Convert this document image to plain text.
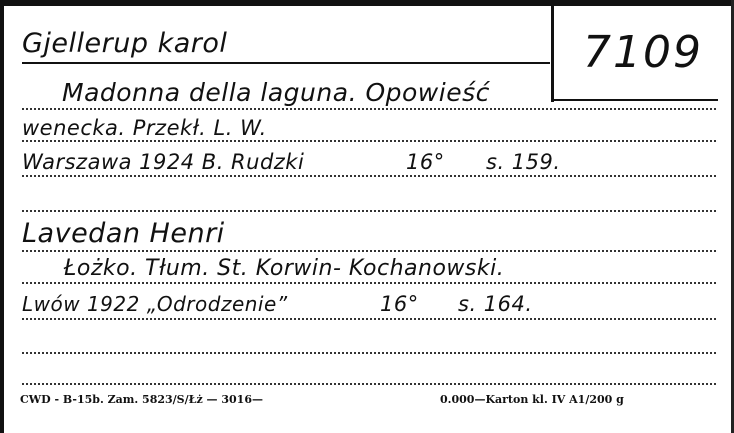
7109
Gjellerup karol
Madonna della laguna. Opowieść
wenecka. Przekł. L. W.
Warszawa 1924 B. Rudzki	16° s. 159.
Lavedan Henri
Łożko. Tłum. St. Korwin- Kochanowski.
Lwów 1922 „Odrodzenie”	16° s. 164.
CWD - B-15b. Zam. 5823/S/Łż — 3016—	0.000—Karton kl. IV A1/200 g
